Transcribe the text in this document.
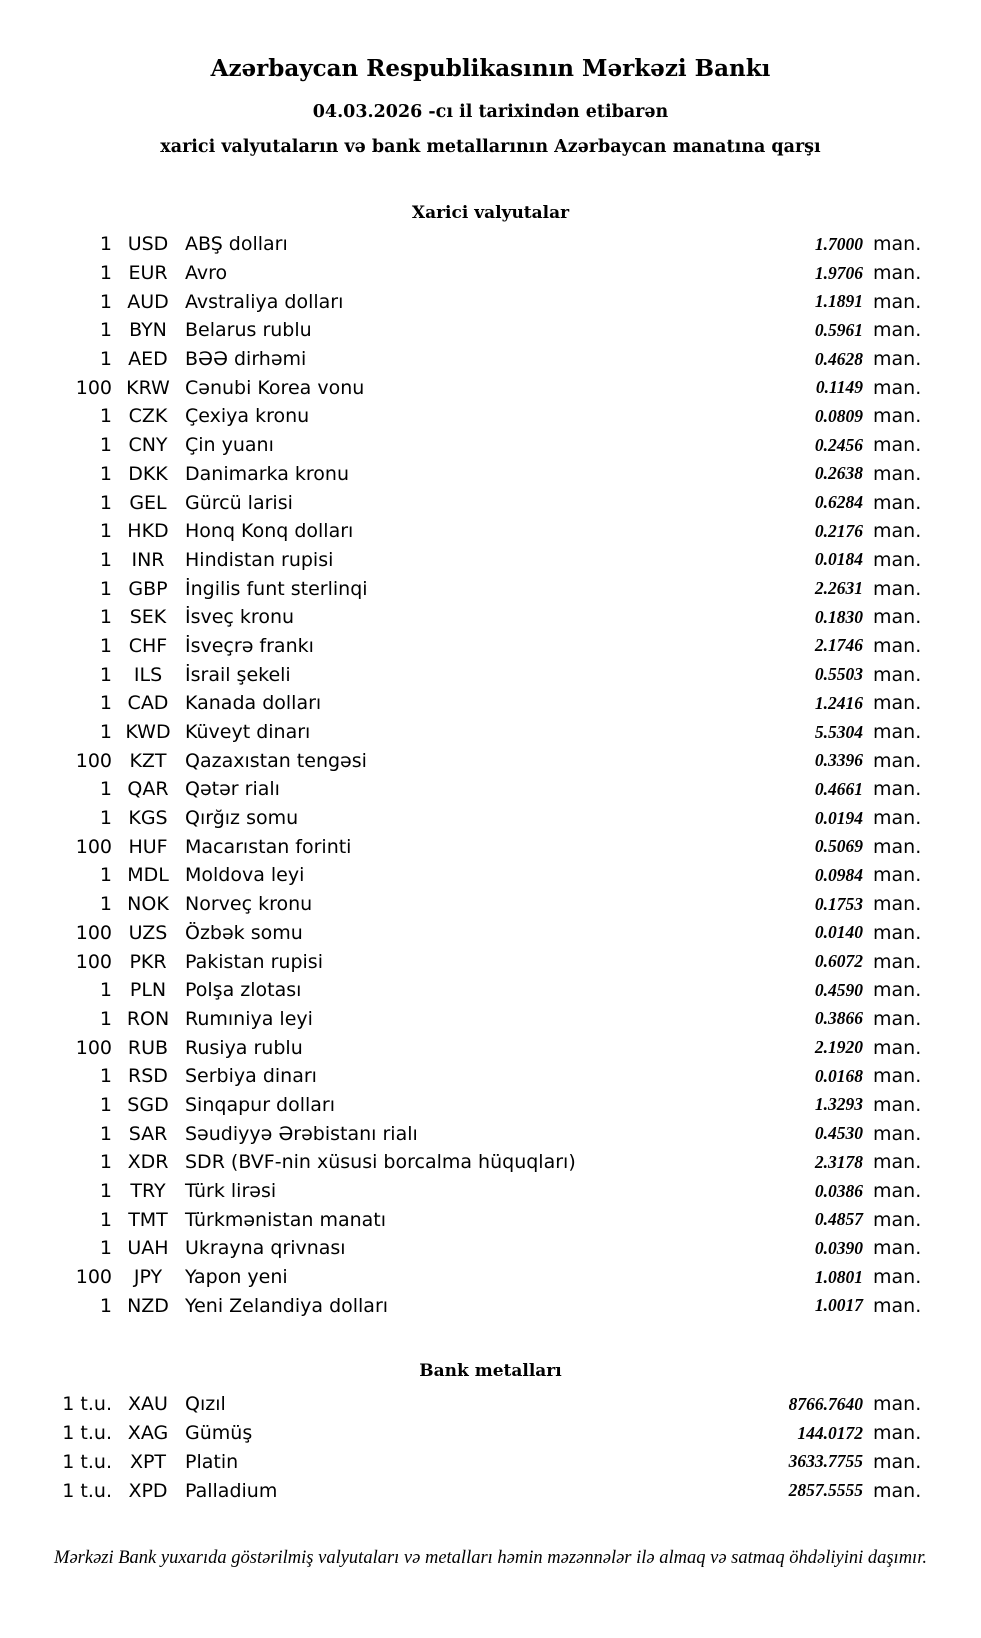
Azərbaycan Respublikasının Mərkəzi Bankı
04.03.2026 -cı il tarixindən etibarən
xarici valyutaların və bank metallarının Azərbaycan manatına qarşı
Xarici valyutalar
1 USD ABŞ dolları	1.7000 man.
1 EUR Avro	1.9706 man.
1 AUD Avstraliya dolları	1.1891 man.
1 BYN Belarus rublu	0.5961 man.
1 AED BƏƏ dirhəmi	0.4628 man.
100 KRW Cənubi Korea vonu	0.1149 man.
1 CZK Çexiya kronu	0.0809 man.
1 CNY Çin yuanı	0.2456 man.
1 DKK Danimarka kronu	0.2638 man.
1 GEL Gürcü larisi	0.6284 man.
1 HKD Honq Konq dolları	0.2176 man.
1	INR	Hindistan rupisi	0.0184 man.
1 GBP İngilis funt sterlinqi	2.2631 man.
1 SEK İsveç kronu	0.1830 man.
1 CHF İsveçrə frankı	2.1746 man.
1	ILS	İsrail şekeli	0.5503 man.
1 CAD Kanada dolları	1.2416 man.
1 KWD Küveyt dinarı	5.5304 man.
100 KZT Qazaxıstan tengəsi	0.3396 man.
1 QAR Qətər rialı	0.4661 man.
1 KGS Qırğız somu	0.0194 man.
100 HUF Macarıstan forinti	0.5069 man.
1 MDL Moldova leyi	0.0984 man.
1 NOK Norveç kronu	0.1753 man.
100 UZS Özbək somu	0.0140 man.
100 PKR Pakistan rupisi	0.6072 man.
1 PLN Polşa zlotası	0.4590 man.
1 RON Rumıniya leyi	0.3866 man.
100 RUB Rusiya rublu	2.1920 man.
1 RSD Serbiya dinarı	0.0168 man.
1 SGD Sinqapur dolları	1.3293 man.
1 SAR Səudiyyə Ərəbistanı rialı	0.4530 man.
1 XDR SDR (BVF-nin xüsusi borcalma hüquqları)	2.3178 man.
1 TRY	Türk lirəsi	0.0386 man.
1 TMT Türkmənistan manatı	0.4857 man.
1 UAH Ukrayna qrivnası	0.0390 man.
100	JPY	Yapon yeni	1.0801 man.
1 NZD Yeni Zelandiya dolları	1.0017 man.
Bank metalları
1 t.u. XAU Qızıl	8766.7640 man.
1 t.u. XAG Gümüş	144.0172 man.
1 t.u. XPT Platin	3633.7755 man.
1 t.u. XPD Palladium	2857.5555 man.
Mərkəzi Bank yuxarıda göstərilmiş valyutaları və metalları həmin məzənnələr ilə almaq və satmaq öhdəliyini daşımır.
